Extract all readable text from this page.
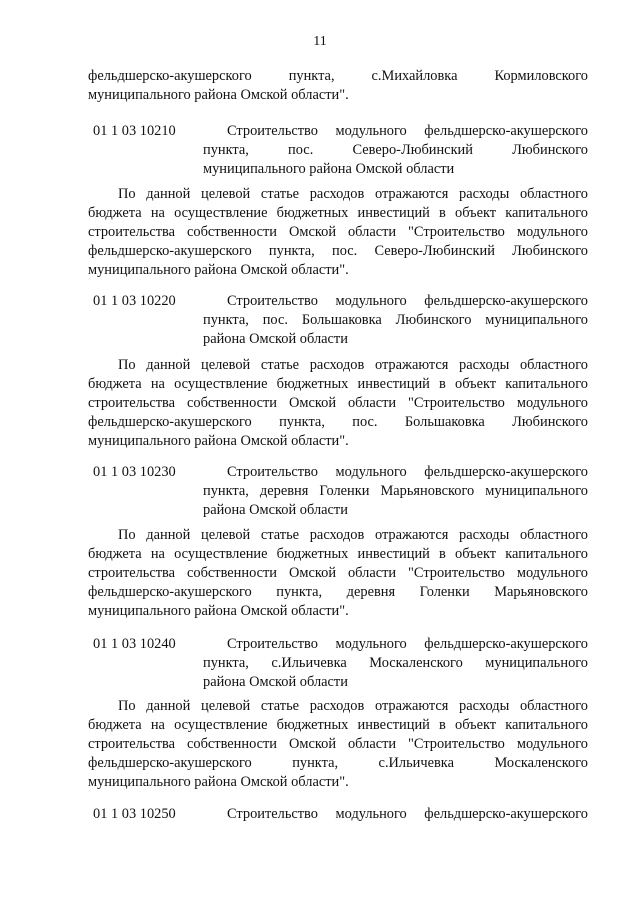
11
фельдшерско-акушерского пункта, с.Михайловка Кормиловского
муниципального района Омской области".
01 1 03 10210	Строительство модульного фельдшерско-акушерского
пункта, пос. Северо-Любинский Любинского
муниципального района Омской области
По данной целевой статье расходов отражаются расходы областного
бюджета на осуществление бюджетных инвестиций в объект капитального
строительства собственности Омской области "Строительство модульного
фельдшерско-акушерского пункта, пос. Северо-Любинский Любинского
муниципального района Омской области".
01 1 03 10220	Строительство модульного фельдшерско-акушерского
пункта, пос. Большаковка Любинского муниципального
района Омской области
По данной целевой статье расходов отражаются расходы областного
бюджета на осуществление бюджетных инвестиций в объект капитального
строительства собственности Омской области "Строительство модульного
фельдшерско-акушерского пункта, пос. Большаковка Любинского
муниципального района Омской области".
01 1 03 10230	Строительство модульного фельдшерско-акушерского
пункта, деревня Голенки Марьяновского муниципального
района Омской области
По данной целевой статье расходов отражаются расходы областного
бюджета на осуществление бюджетных инвестиций в объект капитального
строительства собственности Омской области "Строительство модульного
фельдшерско-акушерского пункта, деревня Голенки Марьяновского
муниципального района Омской области".
01 1 03 10240	Строительство модульного фельдшерско-акушерского
пункта, с.Ильичевка Москаленского муниципального
района Омской области
По данной целевой статье расходов отражаются расходы областного
бюджета на осуществление бюджетных инвестиций в объект капитального
строительства собственности Омской области "Строительство модульного
фельдшерско-акушерского пункта, с.Ильичевка Москаленского
муниципального района Омской области".
01 1 03 10250	Строительство модульного фельдшерско-акушерского
